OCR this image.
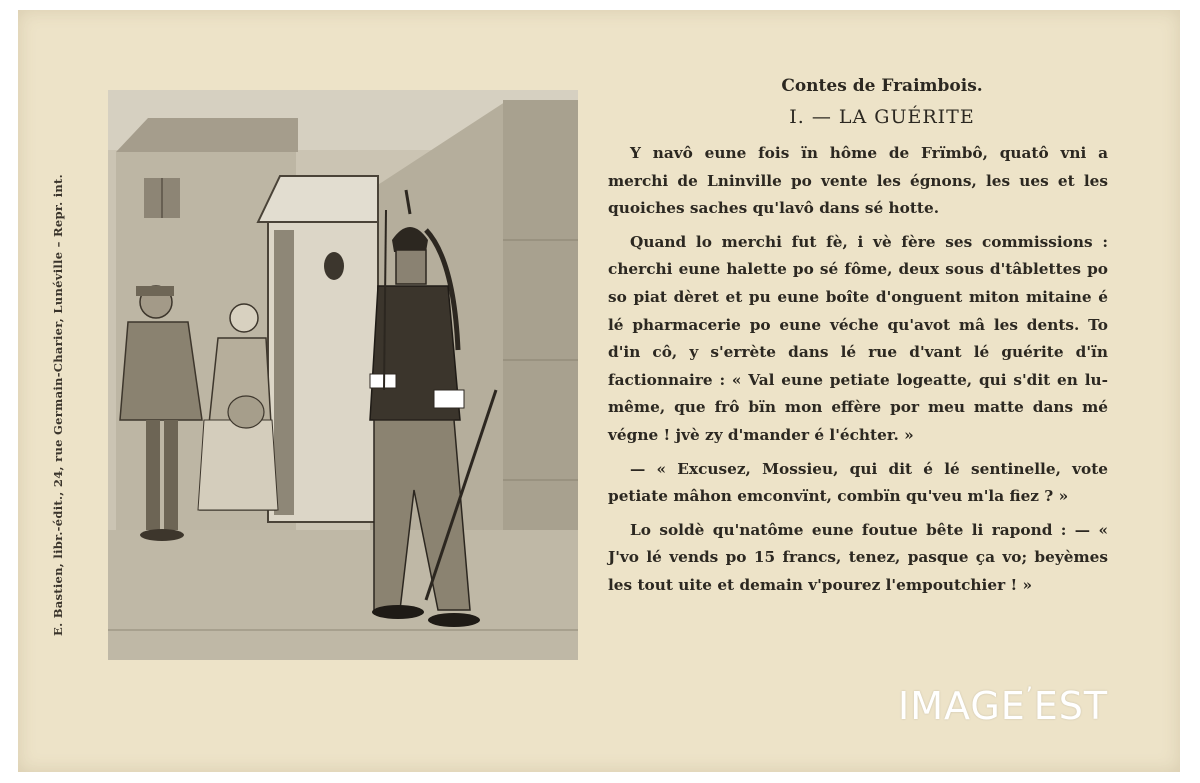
E. Bastien, libr.-édit., 24, rue Germain-Charier, Lunéville – Repr. int.
Contes de Fraimbois.
I. — LA GUÉRITE

Y navô eune fois ïn hôme de Frïmbô, quatô vni a merchi de Lninville po vente les égnons, les ues et les quoiches saches qu'lavô dans sé hotte.

Quand lo merchi fut fè, i vè fère ses commissions : cherchi eune halette po sé fôme, deux sous d'tâblettes po so piat dèret et pu eune boîte d'onguent miton mitaine é lé pharmacerie po eune véche qu'avot mâ les dents. To d'in cô, y s'errète dans lé rue d'vant lé guérite d'ïn factionnaire : « Val eune petiate logeatte, qui s'dit en lu-même, que frô bïn mon effère por meu matte dans mé végne ! jvè zy d'mander é l'échter. »

— « Excusez, Mossieu, qui dit é lé sentinelle, vote petiate mâhon emconvïnt, combïn qu'veu m'la fiez ? »

Lo soldè qu'natôme eune foutue bête li rapond : — « J'vo lé vends po 15 francs, tenez, pasque ça vo; beyèmes les tout uite et demain v'pourez l'empoutchier ! »

IMAGE’EST
